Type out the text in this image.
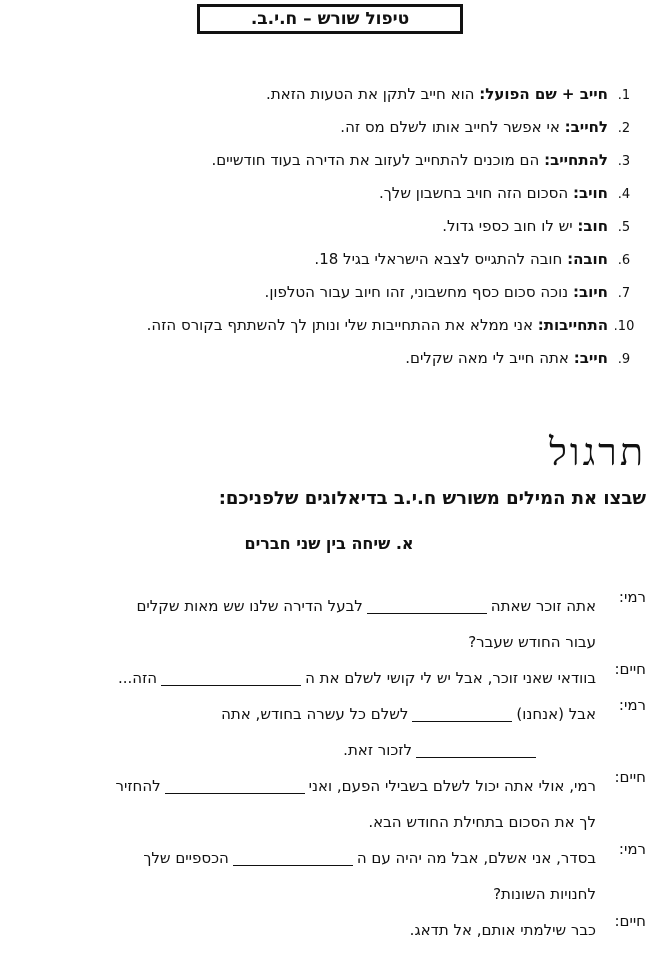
טיפול שורש – ח.י.ב.
1.חייב + שם הפועל: הוא חייב לתקן את הטעות הזאת.
2.לחייב: אי אפשר לחייב אותו לשלם מס זה.
3.להתחייב: הם מוכנים להתחייב לעזוב את הדירה בעוד חודשיים.
4.חויב: הסכום הזה חויב בחשבון שלך.
5.חוב: יש לו חוב כספי גדול.
6.חובה: חובה להתגייס לצבא הישראלי בגיל 18.
7.חיוב: נוכה סכום כסף מחשבוני, זהו חיוב עבור הטלפון.
10.התחייבות: אני ממלא את ההתחייבות שלי ונותן לך להשתתף בקורס הזה.
9.חייב: אתה חייב לי מאה שקלים.
תרגול
שבצו את המילים משורש ח.י.ב בדיאלוגים שלפניכם:
א. שיחה בין שני חברים
רמי:
אתה זוכר שאתהלבעל הדירה שלנו שש מאות שקלים
עבור החודש שעבר?
חיים:
בוודאי שאני זוכר, אבל יש לי קושי לשלם את ההזה...
רמי:
אבל (אנחנו)לשלם כל עשרה בחודש, אתה
לזכור זאת.
חיים:
רמי, אולי אתה יכול לשלם בשבילי הפעם, ואנילהחזיר
לך את הסכום בתחילת החודש הבא.
רמי:
בסדר, אני אשלם, אבל מה יהיה עם ההכספיים שלך
לחנויות השונות?
חיים:
כבר שילמתי אותם, אל תדאג.
